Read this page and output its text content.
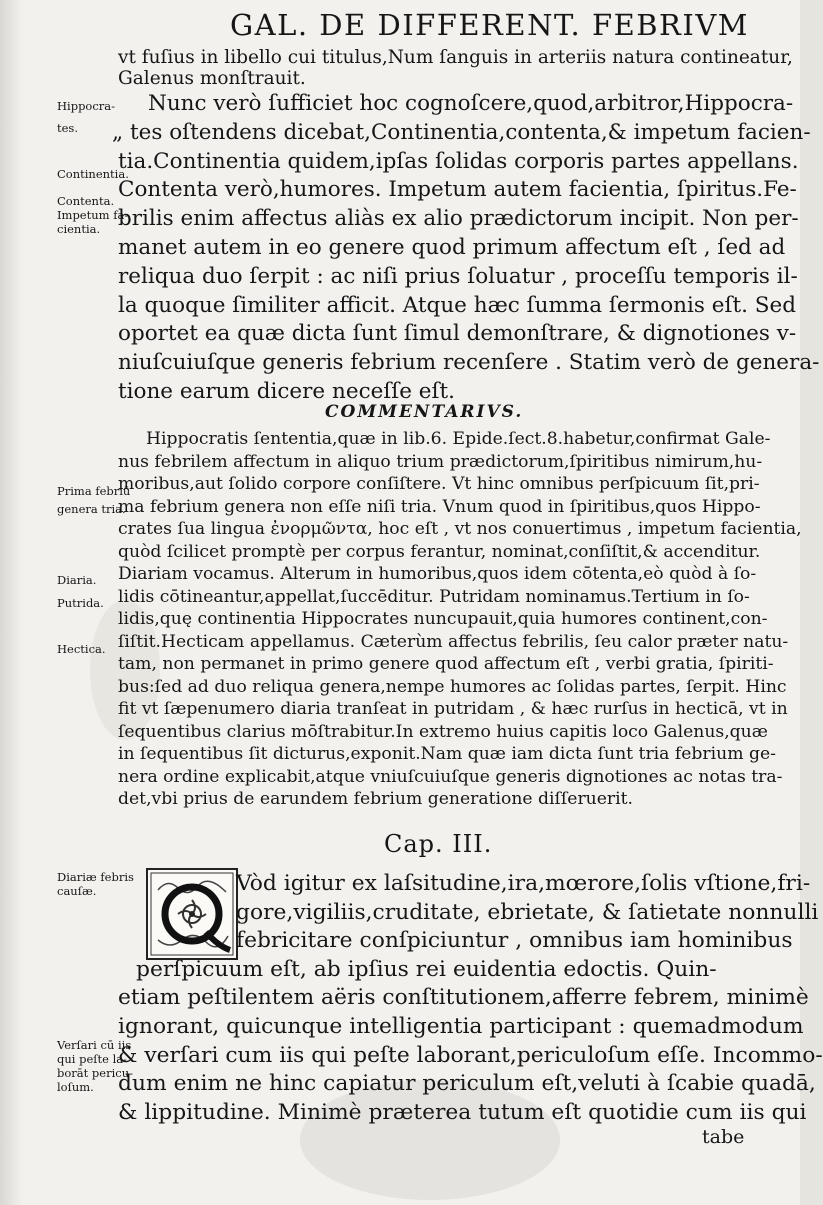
GAL. DE DIFFERENT. FEBRIVM
vt fuſius in libello cui titulus,Num ſanguis in arteriis natura contineatur,
Galenus monſtrauit.
Nunc verò ſufficiet hoc cognoſcere,quod,arbitror,Hippocra-
„ tes oſtendens dicebat,Continentia,contenta,& impetum facien-
tia.Continentia quidem,ipſas ſolidas corporis partes appellans.
Contenta verò,humores. Impetum autem facientia, ſpiritus.Fe-
brilis enim affectus aliàs ex alio prædictorum incipit. Non per-
manet autem in eo genere quod primum affectum eſt , ſed ad
reliqua duo ſerpit : ac niſi prius ſoluatur , proceſſu temporis il-
la quoque ſimiliter afficit. Atque hæc ſumma ſermonis eſt. Sed
oportet ea quæ dicta ſunt ſimul demonſtrare, & dignotiones v-
niuſcuiuſque generis febrium recenſere . Statim verò de genera-
tione earum dicere neceſſe eſt.
COMMENTARIVS.
Hippocratis ſententia,quæ in lib.6. Epide.ſect.8.habetur,confirmat Gale-
nus febrilem affectum in aliquo trium prædictorum,ſpiritibus nimirum,hu-
moribus,aut ſolido corpore conſiſtere. Vt hinc omnibus perſpicuum ſit,pri-
ma febrium genera non eſſe niſi tria. Vnum quod in ſpiritibus,quos Hippo-
crates ſua lingua ἐνορμῶντα, hoc eſt , vt nos conuertimus , impetum facientia,
quòd ſcilicet promptè per corpus ferantur, nominat,conſiſtit,& accenditur.
Diariam vocamus. Alterum in humoribus,quos idem cōtenta,eò quòd à ſo-
lidis cōtineantur,appellat,ſuccēditur. Putridam nominamus.Tertium in ſo-
lidis,quę continentia Hippocrates nuncupauit,quia humores continent,con-
ſiſtit.Hecticam appellamus. Cæterùm affectus febrilis, ſeu calor præter natu-
tam, non permanet in primo genere quod affectum eſt , verbi gratia, ſpiriti-
bus:ſed ad duo reliqua genera,nempe humores ac ſolidas partes, ſerpit. Hinc
fit vt ſæpenumero diaria tranſeat in putridam , & hæc rurſus in hecticā, vt in
ſequentibus clarius mōſtrabitur.In extremo huius capitis loco Galenus,quæ
in ſequentibus ſit dicturus,exponit.Nam quæ iam dicta ſunt tria febrium ge-
nera ordine explicabit,atque vniuſcuiuſque generis dignotiones ac notas tra-
det,vbi prius de earundem febrium generatione diſſeruerit.
Cap. III.
Vòd igitur ex laſsitudine,ira,mœrore,ſolis vſtione,fri-
gore,vigiliis,cruditate, ebrietate, & ſatietate nonnulli
febricitare conſpiciuntur , omnibus iam hominibus
perſpicuum eſt, ab ipſius rei euidentia edoctis. Quin-
etiam peſtilentem aëris conſtitutionem,afferre febrem, minimè
ignorant, quicunque intelligentia participant : quemadmodum
& verſari cum iis qui peſte laborant,periculoſum eſſe. Incommo-
dum enim ne hinc capiatur periculum eſt,veluti à ſcabie quadā,
& lippitudine. Minimè præterea tutum eſt quotidie cum iis qui
tabe
Hippocra-
tes.
Continentia.
Contenta.
Impetum fa-
cientia.
Prima febriū
genera tria.
Diaria.
Putrida.
Hectica.
Diariæ febris
cauſæ.
Verſari cū iis
qui peſte la-
borāt pericu-
loſum.
